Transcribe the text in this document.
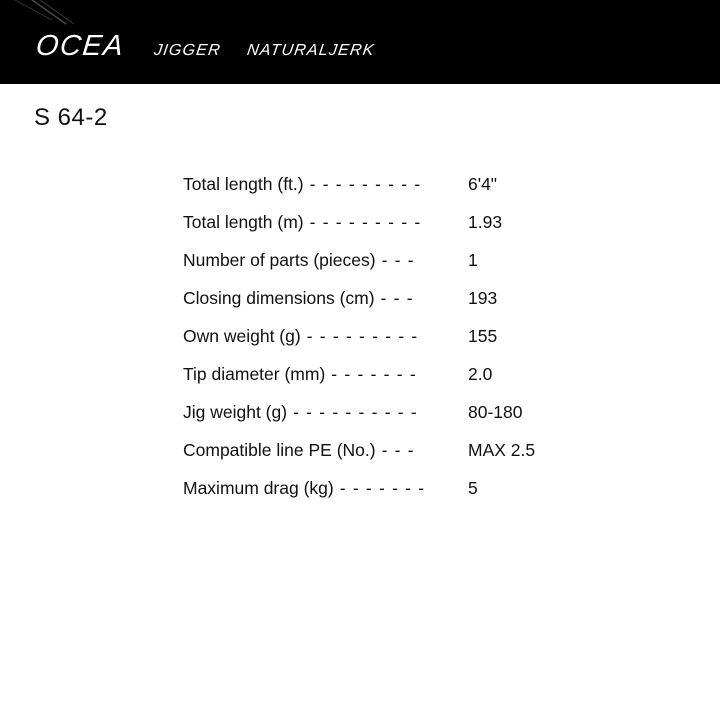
OCEA JIGGER NATURALJERK
S 64-2
Total length (ft.) - - - - - - - - -	6'4"
Total length (m) - - - - - - - - -	1.93
Number of parts (pieces) - - -	1
Closing dimensions (cm) - - -	193
Own weight (g) - - - - - - - - -	155
Tip diameter (mm) - - - - - - -	2.0
Jig weight (g) - - - - - - - - - -	80-180
Compatible line PE (No.) - - -	MAX 2.5
Maximum drag (kg) - - - - - - - 5
